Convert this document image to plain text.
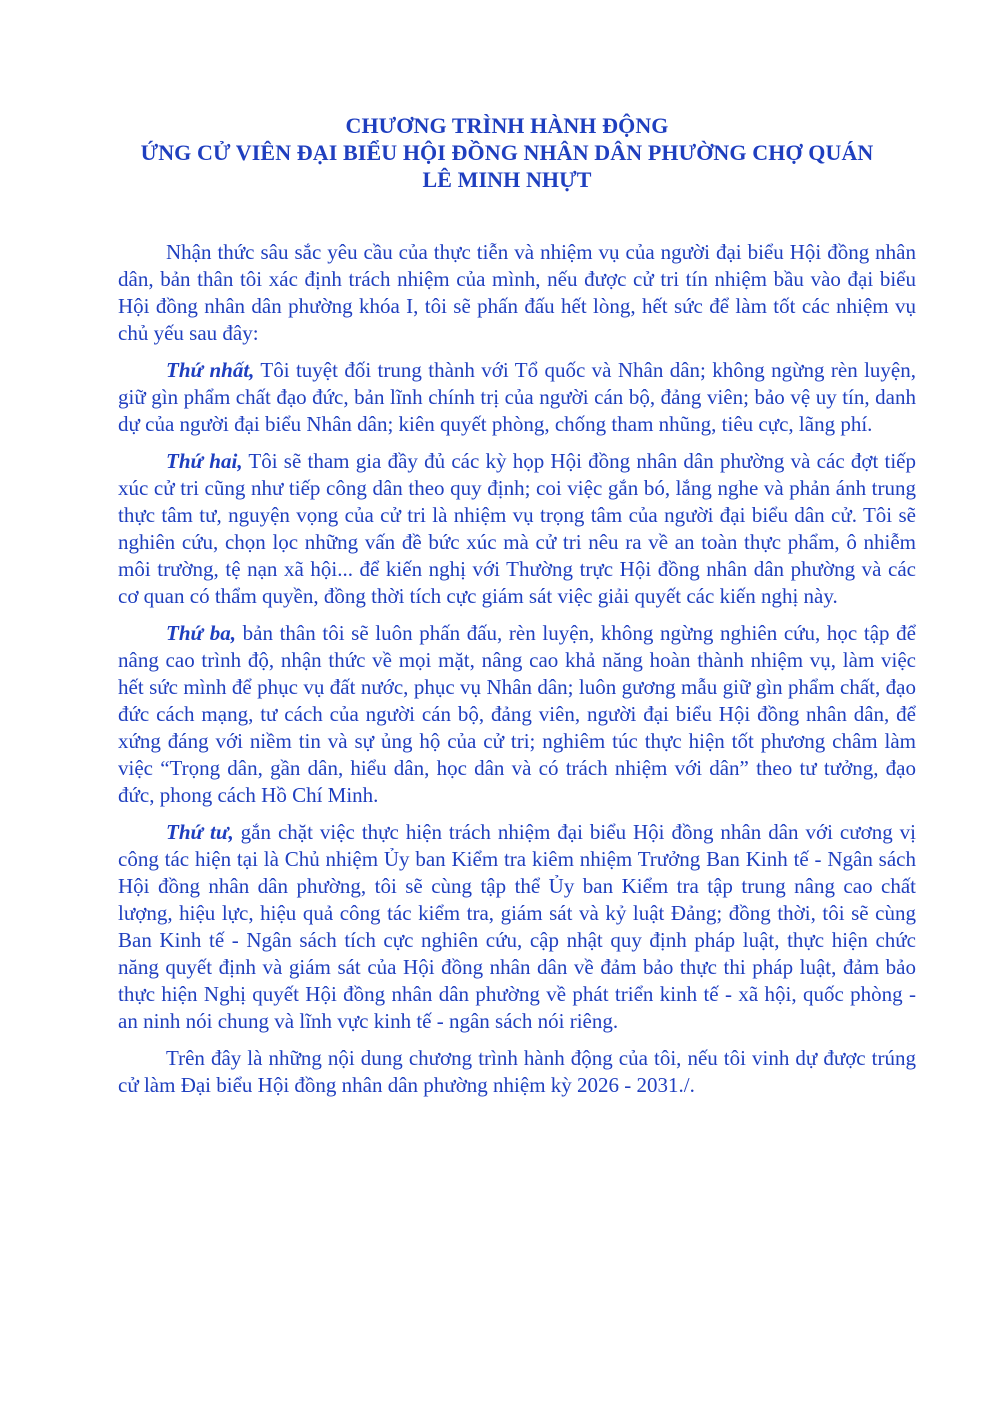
CHƯƠNG TRÌNH HÀNH ĐỘNG
ỨNG CỬ VIÊN ĐẠI BIỂU HỘI ĐỒNG NHÂN DÂN PHƯỜNG CHỢ QUÁN
LÊ MINH NHỰT

Nhận thức sâu sắc yêu cầu của thực tiễn và nhiệm vụ của người đại biểu Hội đồng nhân dân, bản thân tôi xác định trách nhiệm của mình, nếu được cử tri tín nhiệm bầu vào đại biểu Hội đồng nhân dân phường khóa I, tôi sẽ phấn đấu hết lòng, hết sức để làm tốt các nhiệm vụ chủ yếu sau đây:

Thứ nhất, Tôi tuyệt đối trung thành với Tổ quốc và Nhân dân; không ngừng rèn luyện, giữ gìn phẩm chất đạo đức, bản lĩnh chính trị của người cán bộ, đảng viên; bảo vệ uy tín, danh dự của người đại biểu Nhân dân; kiên quyết phòng, chống tham nhũng, tiêu cực, lãng phí.

Thứ hai, Tôi sẽ tham gia đầy đủ các kỳ họp Hội đồng nhân dân phường và các đợt tiếp xúc cử tri cũng như tiếp công dân theo quy định; coi việc gắn bó, lắng nghe và phản ánh trung thực tâm tư, nguyện vọng của cử tri là nhiệm vụ trọng tâm của người đại biểu dân cử. Tôi sẽ nghiên cứu, chọn lọc những vấn đề bức xúc mà cử tri nêu ra về an toàn thực phẩm, ô nhiễm môi trường, tệ nạn xã hội... để kiến nghị với Thường trực Hội đồng nhân dân phường và các cơ quan có thẩm quyền, đồng thời tích cực giám sát việc giải quyết các kiến nghị này.

Thứ ba, bản thân tôi sẽ luôn phấn đấu, rèn luyện, không ngừng nghiên cứu, học tập để nâng cao trình độ, nhận thức về mọi mặt, nâng cao khả năng hoàn thành nhiệm vụ, làm việc hết sức mình để phục vụ đất nước, phục vụ Nhân dân; luôn gương mẫu giữ gìn phẩm chất, đạo đức cách mạng, tư cách của người cán bộ, đảng viên, người đại biểu Hội đồng nhân dân, để xứng đáng với niềm tin và sự ủng hộ của cử tri; nghiêm túc thực hiện tốt phương châm làm việc “Trọng dân, gần dân, hiểu dân, học dân và có trách nhiệm với dân” theo tư tưởng, đạo đức, phong cách Hồ Chí Minh.

Thứ tư, gắn chặt việc thực hiện trách nhiệm đại biểu Hội đồng nhân dân với cương vị công tác hiện tại là Chủ nhiệm Ủy ban Kiểm tra kiêm nhiệm Trưởng Ban Kinh tế - Ngân sách Hội đồng nhân dân phường, tôi sẽ cùng tập thể Ủy ban Kiểm tra tập trung nâng cao chất lượng, hiệu lực, hiệu quả công tác kiểm tra, giám sát và kỷ luật Đảng; đồng thời, tôi sẽ cùng Ban Kinh tế - Ngân sách tích cực nghiên cứu, cập nhật quy định pháp luật, thực hiện chức năng quyết định và giám sát của Hội đồng nhân dân về đảm bảo thực thi pháp luật, đảm bảo thực hiện Nghị quyết Hội đồng nhân dân phường về phát triển kinh tế - xã hội, quốc phòng - an ninh nói chung và lĩnh vực kinh tế - ngân sách nói riêng.

Trên đây là những nội dung chương trình hành động của tôi, nếu tôi vinh dự được trúng cử làm Đại biểu Hội đồng nhân dân phường nhiệm kỳ 2026 - 2031./.
